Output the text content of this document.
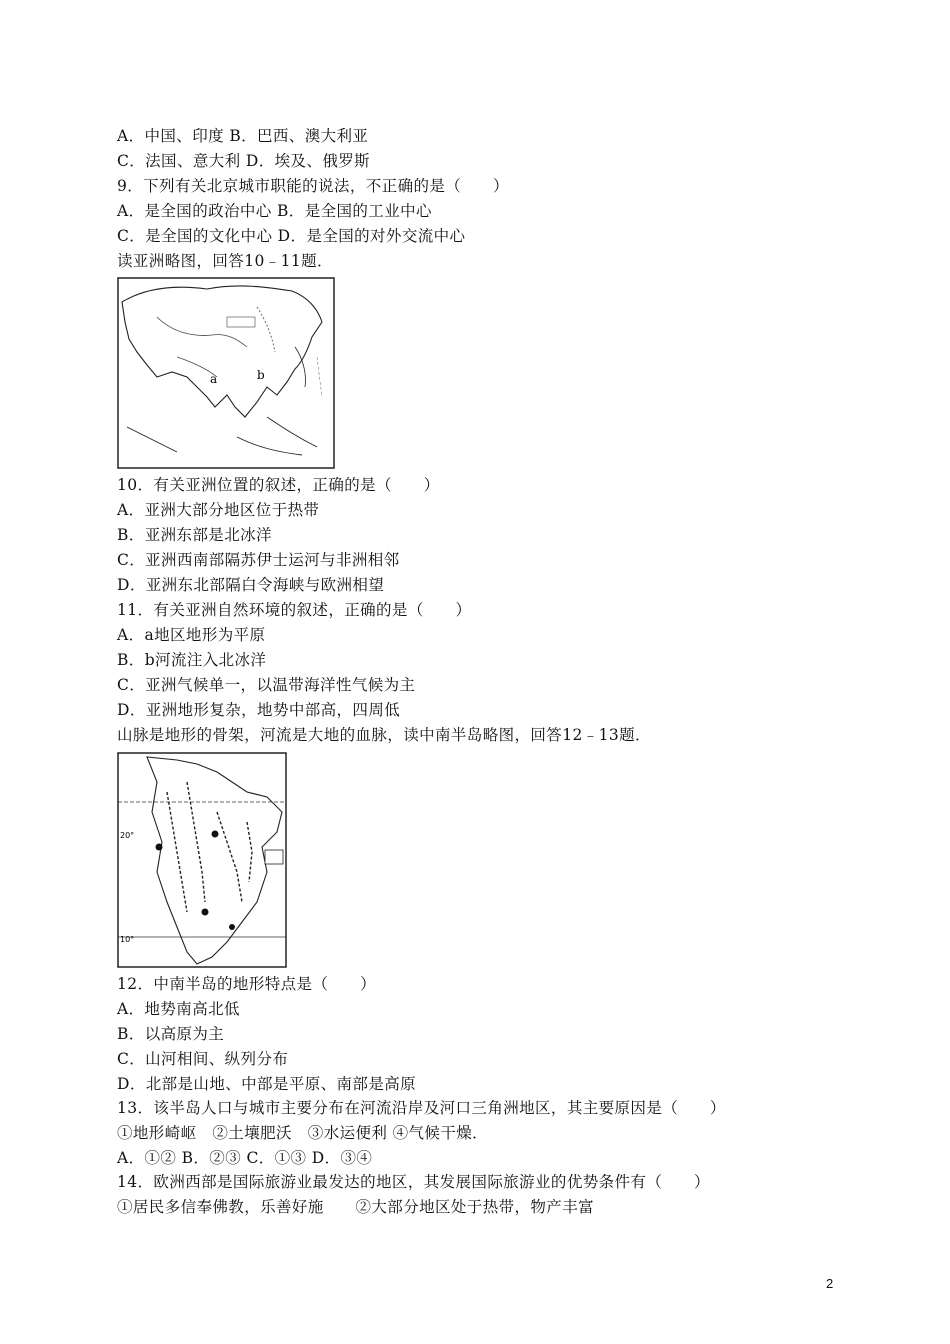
A．中国、印度 B．巴西、澳大利亚
C．法国、意大利 D．埃及、俄罗斯
9．下列有关北京城市职能的说法，不正确的是（　　）
A．是全国的政治中心 B．是全国的工业中心
C．是全国的文化中心 D．是全国的对外交流中心
读亚洲略图，回答10﹣11题．
a	b
10．有关亚洲位置的叙述，正确的是（　　）
A．亚洲大部分地区位于热带
B．亚洲东部是北冰洋
C．亚洲西南部隔苏伊士运河与非洲相邻
D．亚洲东北部隔白令海峡与欧洲相望
11．有关亚洲自然环境的叙述，正确的是（　　）
A．a地区地形为平原
B．b河流注入北冰洋
C．亚洲气候单一，以温带海洋性气候为主
D．亚洲地形复杂，地势中部高，四周低
山脉是地形的骨架，河流是大地的血脉，读中南半岛略图，回答12﹣13题．
20°
10°
12．中南半岛的地形特点是（　　）
A．地势南高北低
B．以高原为主
C．山河相间、纵列分布
D．北部是山地、中部是平原、南部是高原
13．该半岛人口与城市主要分布在河流沿岸及河口三角洲地区，其主要原因是（　　）
①地形崎岖　②土壤肥沃　③水运便利 ④气候干燥．
A．①② B．②③ C．①③ D．③④
14．欧洲西部是国际旅游业最发达的地区，其发展国际旅游业的优势条件有（　　）
①居民多信奉佛教，乐善好施　　②大部分地区处于热带，物产丰富
2
